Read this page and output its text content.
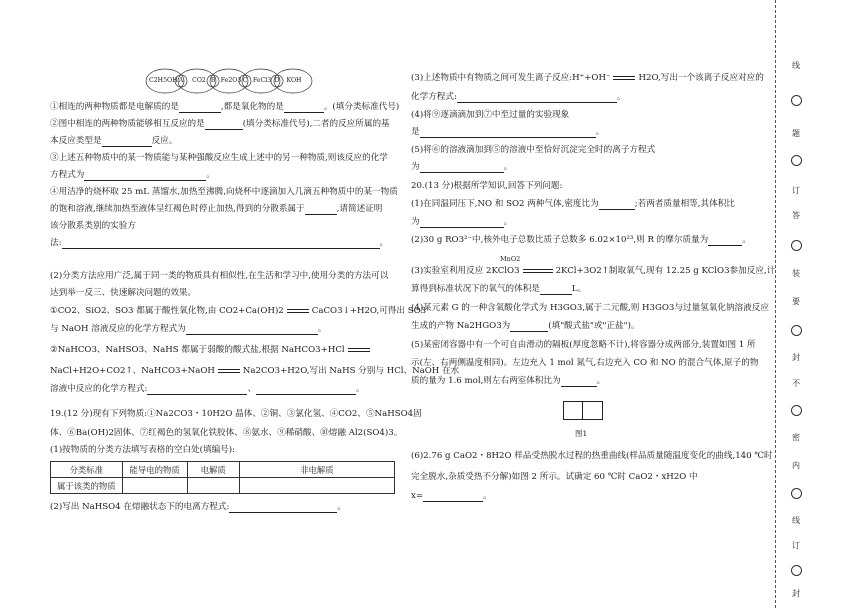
C2H5OH A	CO2 B Fe2O3 C FeCl3 D	KOH
①相连的两种物质都是电解质的是	,都是氧化物的是	。(填分类标准代号)
②图中相连的两种物质能够相互反应的是	(填分类标准代号),二者的反应所属的基
本反应类型是	反应。
③上述五种物质中的某一物质能与某种强酸反应生成上述中的另一种物质,则该反应的化学
方程式为	。
④用洁净的烧杯取 25 mL 蒸馏水,加热至沸腾,向烧杯中逐滴加入几滴五种物质中的某一物质
的饱和溶液,继续加热至液体呈红褐色时停止加热,得到的分散系属于	,请简述证明
该分散系类别的实验方
法:	。
(2)分类方法应用广泛,属于同一类的物质具有相似性,在生活和学习中,使用分类的方法可以
达到举一反三、快速解决问题的效果。
①CO2、SiO2、SO3 都属于酸性氧化物,由 CO2+Ca(OH)2	CaCO3↓+H2O,可得出 SO3
与 NaOH 溶液反应的化学方程式为	。
②NaHCO3、NaHSO3、NaHS 都属于弱酸的酸式盐,根据 NaHCO3+HCl
NaCl+H2O+CO2↑、NaHCO3+NaOH	Na2CO3+H2O,写出 NaHS 分别与 HCl、NaOH 在水
溶液中反应的化学方程式:	、	。
19.(12 分)现有下列物质:①Na2CO3・10H2O 晶体、②铜、③氯化氢、④CO2、⑤NaHSO4固
体、⑥Ba(OH)2固体、⑦红褐色的氢氧化铁胶体、⑧氨水、⑨稀硝酸、⑩熔融 Al2(SO4)3。
(1)按物质的分类方法填写表格的空白处(填编号):
分类标准	能导电的物质	电解质	非电解质
属于该类的物质			
(2)写出 NaHSO4 在熔融状态下的电离方程式:	。
(3)上述物质中有物质之间可发生离子反应:H⁺+OH⁻	H2O,写出一个该离子反应对应的
化学方程式:	。
(4)将⑨逐滴滴加到⑦中至过量的实验现象
是	。
(5)将⑥的溶液滴加到⑤的溶液中至恰好沉淀完全时的离子方程式
为	。
20.(13 分)根据所学知识,回答下列问题:
(1)在同温同压下,NO 和 SO2 两种气体,密度比为	;若两者质量相等,其体积比
为	。
(2)30 g RO3²⁻中,核外电子总数比质子总数多 6.02×10²³,则 R 的摩尔质量为	。
MnO2
(3)实验室利用反应 2KClO3	2KCl+3O2↑制取氧气,现有 12.25 g KClO3参加反应,计
算得到标准状况下的氧气的体积是	L。
(4)某元素 G 的一种含氧酸化学式为 H3GO3,属于二元酸,则 H3GO3与过量氢氧化钠溶液反应
生成的产物 Na2HGO3为	(填"酸式盐"或"正盐")。
(5)某密闭容器中有一个可自由滑动的隔板(厚度忽略不计),将容器分成两部分,装置如图 1 所
示(左、右两侧温度相同)。左边充入 1 mol 氮气,右边充入 CO 和 NO 的混合气体,原子的物
质的量为 1.6 mol,则左右两室体积比为	。
图1
(6)2.76 g CaO2・8H2O 样品受热脱水过程的热重曲线(样品质量随温度变化的曲线,140 ℃时
完全脱水,杂质受热不分解)如图 2 所示。试确定 60 ℃时 CaO2・xH2O 中
x=	。
线
题
订
答
装
要
封
不
密
内
线
订
封
